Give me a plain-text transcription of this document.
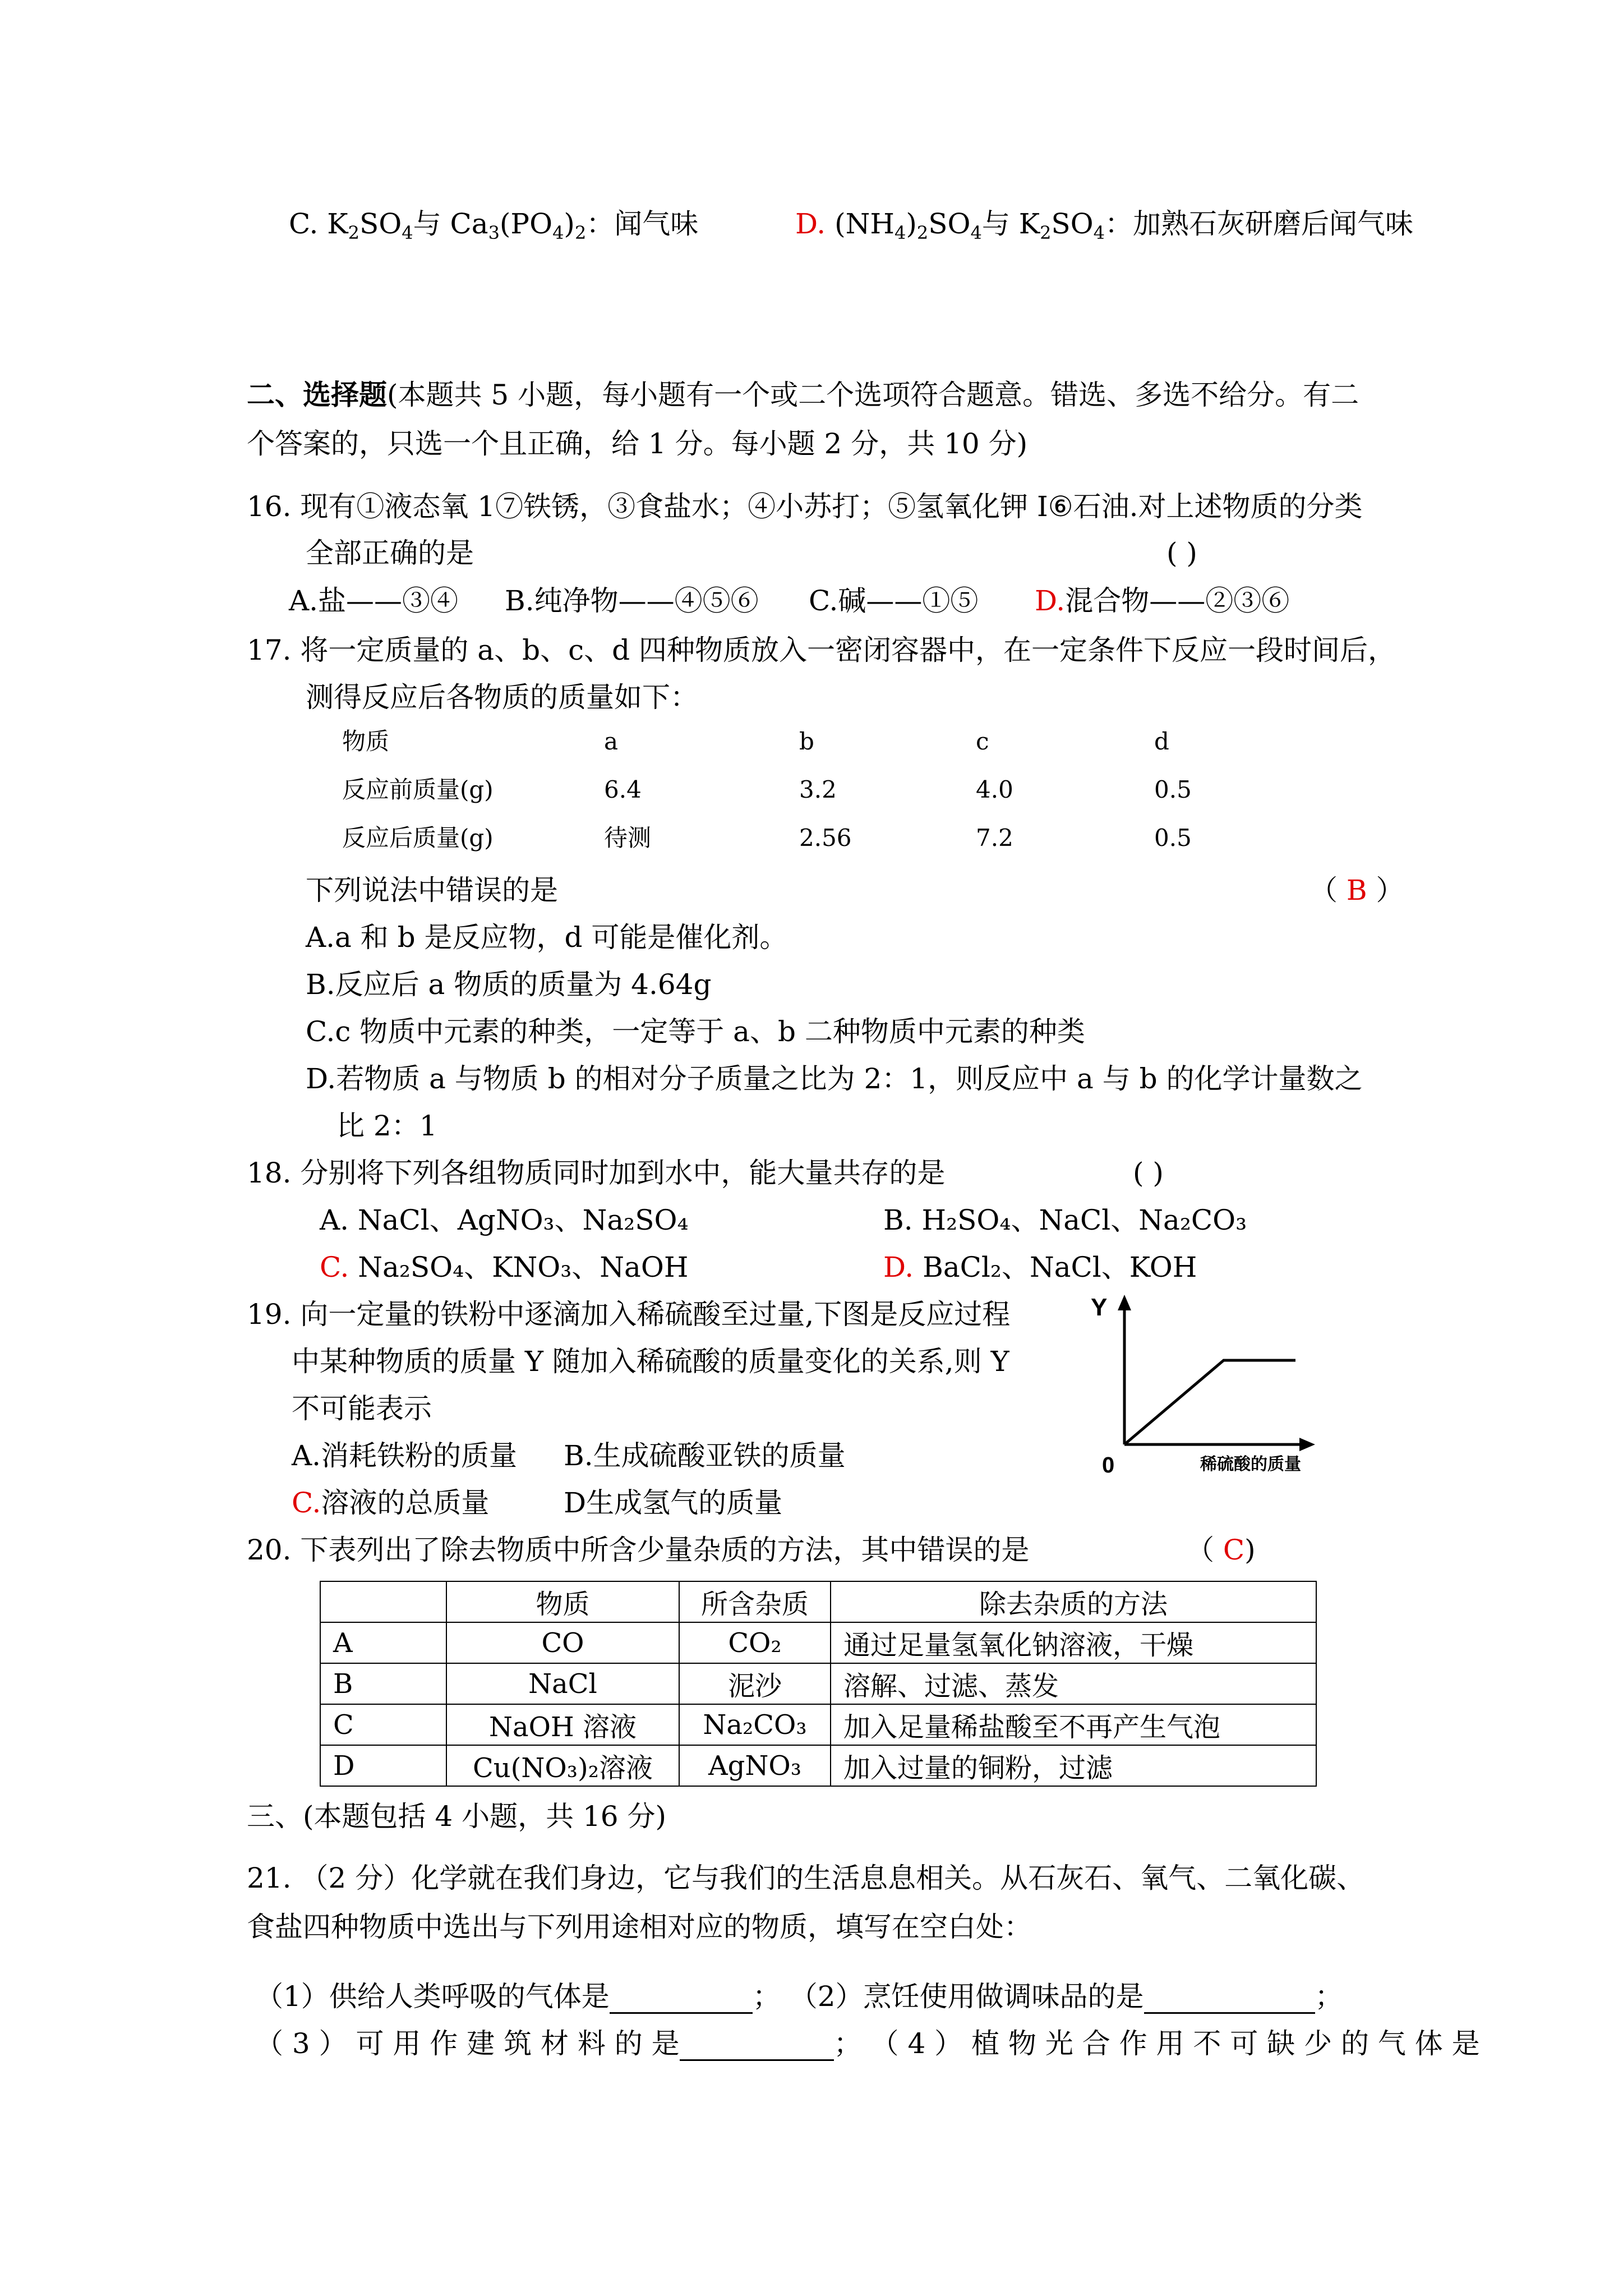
C. $K_2SO_4$与 $Ca_3(PO_4)_2$：闻气味	D. $(NH_4)_2SO_4$与 $K_2SO_4$：加熟石灰研磨后闻气味
二、选择题(本题共 5 小题，每小题有一个或二个选项符合题意。错选、多选不给分。有二
个答案的，只选一个且正确，给 1 分。每小题 2 分，共 10 分)
16. 现有①液态氧 1⑦铁锈，③食盐水；④小苏打；⑤氢氧化钾 I⑥石油.对上述物质的分类
全部正确的是	( )
A.盐——③④ B.纯净物——④⑤⑥ C.碱——①⑤ D.混合物——②③⑥
17. 将一定质量的 a、b、c、d 四种物质放入一密闭容器中，在一定条件下反应一段时间后，
测得反应后各物质的质量如下：
物质	a	b	c	d
反应前质量(g)	6.4	3.2	4.0	0.5
反应后质量(g)	待测	2.56	7.2	0.5
下列说法中错误的是	（ B ）
A.a 和 b 是反应物，d 可能是催化剂。
B.反应后 a 物质的质量为 4.64g
C.c 物质中元素的种类，一定等于 a、b 二种物质中元素的种类
D.若物质 a 与物质 b 的相对分子质量之比为 2：1，则反应中 a 与 b 的化学计量数之
比 2：1
18. 分别将下列各组物质同时加到水中，能大量共存的是	( )
A. NaCl、AgNO₃、Na₂SO₄	B. H₂SO₄、NaCl、Na₂CO₃
C. Na₂SO₄、KNO₃、NaOH	D. BaCl₂、NaCl、KOH
19. 向一定量的铁粉中逐滴加入稀硫酸至过量,下图是反应过程
中某种物质的质量 Y 随加入稀硫酸的质量变化的关系,则 Y
不可能表示
A.消耗铁粉的质量 B.生成硫酸亚铁的质量
C.溶液的总质量	D生成氢气的质量
Y
0	稀硫酸的质量
20. 下表列出了除去物质中所含少量杂质的方法，其中错误的是	（ C)
	物质	所含杂质	除去杂质的方法
A	CO	CO₂	通过足量氢氧化钠溶液，干燥
B	NaCl	泥沙	溶解、过滤、蒸发
C	NaOH 溶液	Na₂CO₃	加入足量稀盐酸至不再产生气泡
D	Cu(NO₃)₂溶液	AgNO₃	加入过量的铜粉，过滤
三、(本题包括 4 小题，共 16 分)
21. （2 分）化学就在我们身边，它与我们的生活息息相关。从石灰石、氧气、二氧化碳、
食盐四种物质中选出与下列用途相对应的物质，填写在空白处：
（1）供给人类呼吸的气体是	； （2）烹饪使用做调味品的是	；
（ 3 ） 可 用 作 建 筑 材 料 的 是	； （ 4 ） 植 物 光 合 作 用 不 可 缺 少 的 气 体 是
